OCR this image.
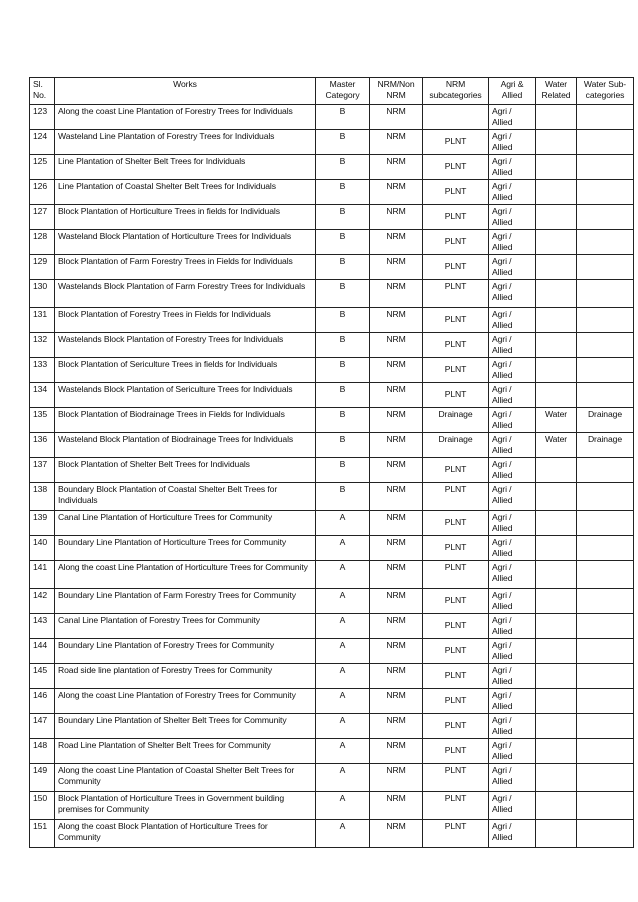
Sl. No.	Works	Master Category	NRM/Non NRM	NRM subcategories	Agri & Allied	Water Related	Water Sub-categories
123	Along the coast Line Plantation of Forestry Trees for Individuals	B	NRM		Agri / Allied		
124	Wasteland Line Plantation of Forestry Trees for Individuals	B	NRM	PLNT	Agri / Allied		
125	Line Plantation of Shelter Belt Trees for Individuals	B	NRM	PLNT	Agri / Allied		
126	Line Plantation of Coastal Shelter Belt Trees for Individuals	B	NRM	PLNT	Agri / Allied		
127	Block Plantation of Horticulture Trees in fields for Individuals	B	NRM	PLNT	Agri / Allied		
128	Wasteland Block Plantation of Horticulture Trees for Individuals	B	NRM	PLNT	Agri / Allied		
129	Block Plantation of Farm Forestry Trees in Fields for Individuals	B	NRM	PLNT	Agri / Allied		
130	Wastelands Block Plantation of Farm Forestry Trees for Individuals	B	NRM	PLNT	Agri / Allied		
131	Block Plantation of Forestry Trees in Fields for Individuals	B	NRM	PLNT	Agri / Allied		
132	Wastelands Block Plantation of Forestry Trees for Individuals	B	NRM	PLNT	Agri / Allied		
133	Block Plantation of Sericulture Trees in fields for Individuals	B	NRM	PLNT	Agri / Allied		
134	Wastelands Block Plantation of Sericulture Trees for Individuals	B	NRM	PLNT	Agri / Allied		
135	Block Plantation of Biodrainage Trees in Fields for Individuals	B	NRM	Drainage	Agri / Allied	Water	Drainage
136	Wasteland Block Plantation of Biodrainage Trees for Individuals	B	NRM	Drainage	Agri / Allied	Water	Drainage
137	Block Plantation of Shelter Belt Trees for Individuals	B	NRM	PLNT	Agri / Allied		
138	Boundary Block Plantation of Coastal Shelter Belt Trees for Individuals	B	NRM	PLNT	Agri / Allied		
139	Canal Line Plantation of Horticulture Trees for Community	A	NRM	PLNT	Agri / Allied		
140	Boundary Line Plantation of Horticulture Trees for Community	A	NRM	PLNT	Agri / Allied		
141	Along the coast Line Plantation of Horticulture Trees for Community	A	NRM	PLNT	Agri / Allied		
142	Boundary Line Plantation of Farm Forestry Trees for Community	A	NRM	PLNT	Agri / Allied		
143	Canal Line Plantation of Forestry Trees for Community	A	NRM	PLNT	Agri / Allied		
144	Boundary Line Plantation of Forestry Trees for Community	A	NRM	PLNT	Agri / Allied		
145	Road side line plantation of Forestry Trees for Community	A	NRM	PLNT	Agri / Allied		
146	Along the coast Line Plantation of Forestry Trees for Community	A	NRM	PLNT	Agri / Allied		
147	Boundary Line Plantation of Shelter Belt Trees for Community	A	NRM	PLNT	Agri / Allied		
148	Road Line Plantation of Shelter Belt Trees for Community	A	NRM	PLNT	Agri / Allied		
149	Along the coast Line Plantation of Coastal Shelter Belt Trees for Community	A	NRM	PLNT	Agri / Allied		
150	Block Plantation of Horticulture Trees in Government building premises for Community	A	NRM	PLNT	Agri / Allied		
151	Along the coast Block Plantation of Horticulture Trees for Community	A	NRM	PLNT	Agri / Allied		
